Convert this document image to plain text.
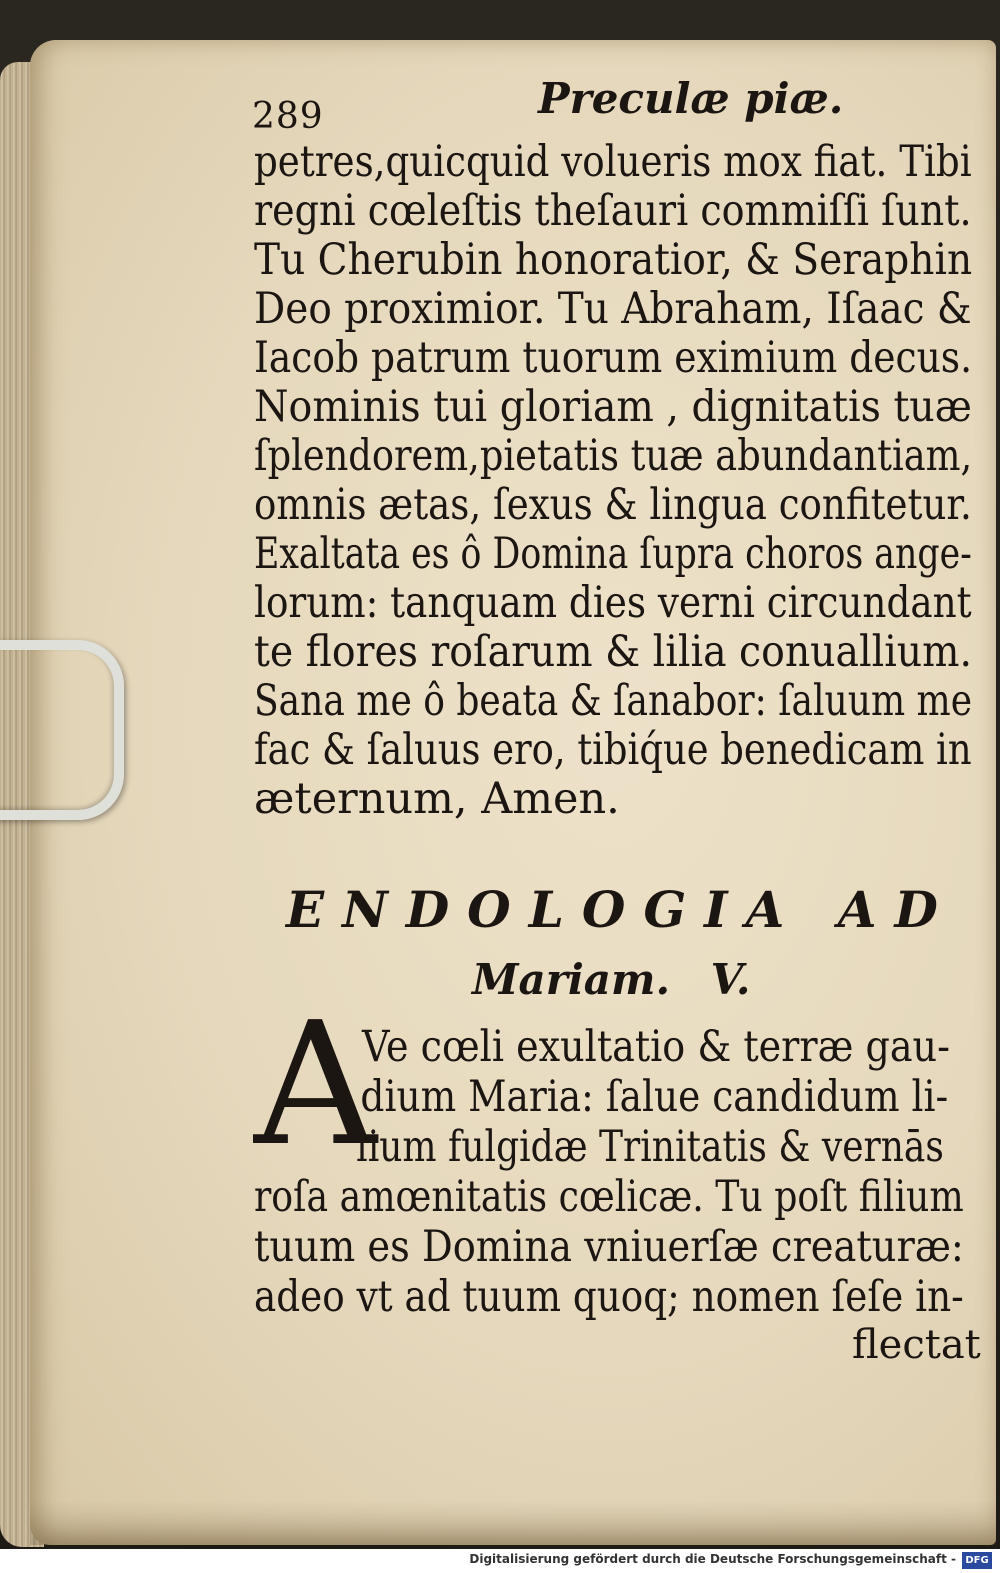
289	Preculæ piæ.
petres,quicquid volueris mox fiat. Tibi
regni cœleſtis theſauri commiſſi ſunt.
Tu Cherubin honoratior, & Seraphin
Deo proximior. Tu Abraham, Iſaac &
Iacob patrum tuorum eximium decus.
Nominis tui gloriam , dignitatis tuæ
ſplendorem,pietatis tuæ abundantiam,
omnis ætas, ſexus & lingua confitetur.
Exaltata es ô Domina ſupra choros ange-
lorum: tanquam dies verni circundant
te flores roſarum & lilia conuallium.
Sana me ô beata & ſanabor: ſaluum me
fac & ſaluus ero, tibiq́ue benedicam in
æternum, Amen.
ENDOLOGIA AD
Mariam. V.
A
Ve cœli exultatio & terræ gau-
dium Maria: ſalue candidum li-
lium fulgidæ Trinitatis & vernās
roſa amœnitatis cœlicæ. Tu poſt filium
tuum es Domina vniuerſæ creaturæ:
adeo vt ad tuum quoq; nomen ſeſe in-
flectat
Digitalisierung gefördert durch die Deutsche Forschungsgemeinschaft - DFG
